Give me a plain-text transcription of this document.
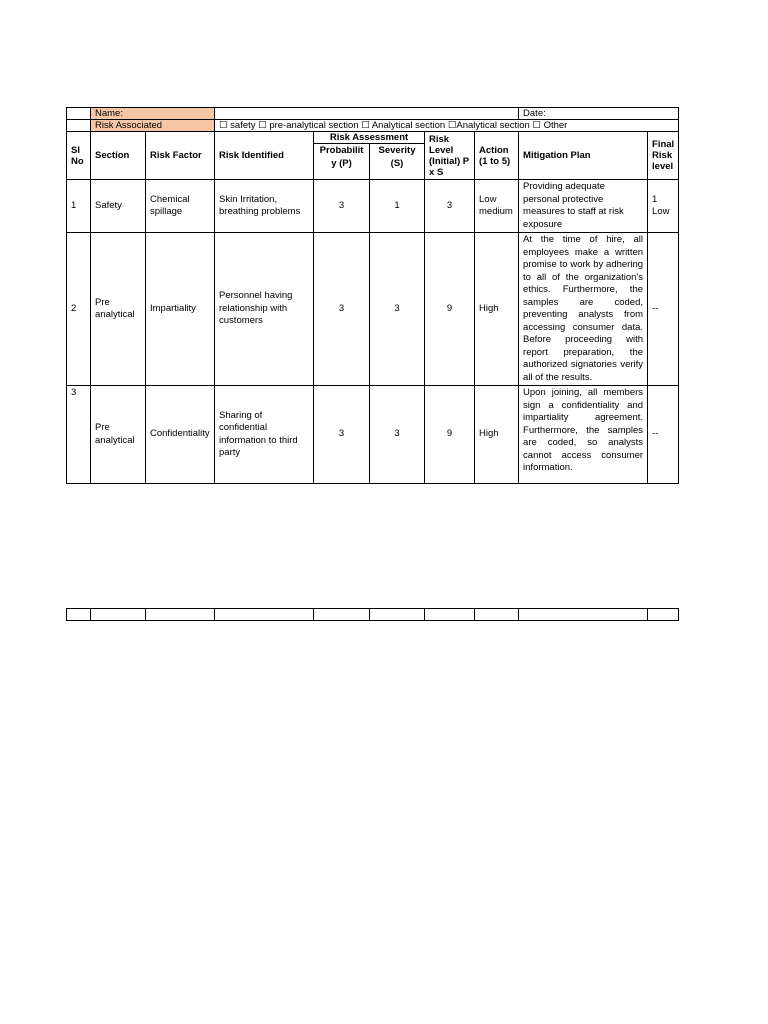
	Name:							Date:	
	Risk Associated		☐ safety ☐ pre-analytical section ☐ Analytical section ☐Analytical section ☐ Other						
Sl No	Section	Risk Factor	Risk Identified	Risk Assessment		Risk Level (Initial) P x S	Action (1 to 5)	Mitigation Plan	Final Risk level
				Probabilit y (P)	Severity (S)				
1	Safety	Chemical spillage	Skin Irritation, breathing problems	3	1	3	Low medium	Providing adequate personal protective measures to staff at risk exposure	1 Low
2	Pre analytical	Impartiality	Personnel having relationship with customers	3	3	9	High	At the time of hire, all employees make a written promise to work by adhering to all of the organization's ethics. Furthermore, the samples are coded, preventing analysts from accessing consumer data. Before proceeding with report preparation, the authorized signatories verify all of the results.	--
3	Pre analytical	Confidentiality	Sharing of confidential information to third party	3	3	9	High	Upon joining, all members sign a confidentiality and impartiality agreement. Furthermore, the samples are coded, so analysts cannot access consumer information.	--
